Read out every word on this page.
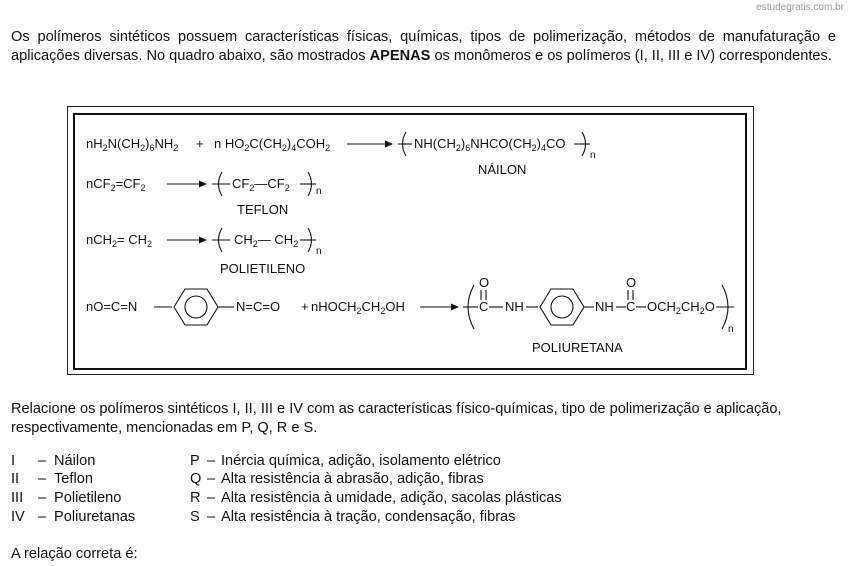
estudegratis.com.br
Os polímeros sintéticos possuem características físicas, químicas, tipos de polimerização, métodos de manufaturação e aplicações diversas. No quadro abaixo, são mostrados APENAS os monômeros e os polímeros (I, II, III e IV) correspondentes.
$nH_2N(CH_2)_6NH_2 + n$ $HO_2C(CH_2)_4COH_2$	$NH(CH_2)_6NHCO(CH_2)_4CO$
n
NÁILON
$nCF_2=CF_2$	$CF_2—CF_2$	n
TEFLON
$nCH_2= CH_2$	$CH_2—$ $CH_2$
n
POLIETILENO
nO=C=N	$N=C=O + nHOCH_2CH_2OH$
O
C NH	NH
O
C $OCH_2CH_2O$
n
POLIURETANA
Relacione os polímeros sintéticos I, II, III e IV com as características físico-químicas, tipo de polimerização e aplicação, respectivamente, mencionadas em P, Q, R e S.
I – Náilon	P – Inércia química, adição, isolamento elétrico
II – Teflon	Q – Alta resistência à abrasão, adição, fibras
III – Polietileno	R – Alta resistência à umidade, adição, sacolas plásticas
IV – Poliuretanas	S – Alta resistência à tração, condensação, fibras
A relação correta é:
